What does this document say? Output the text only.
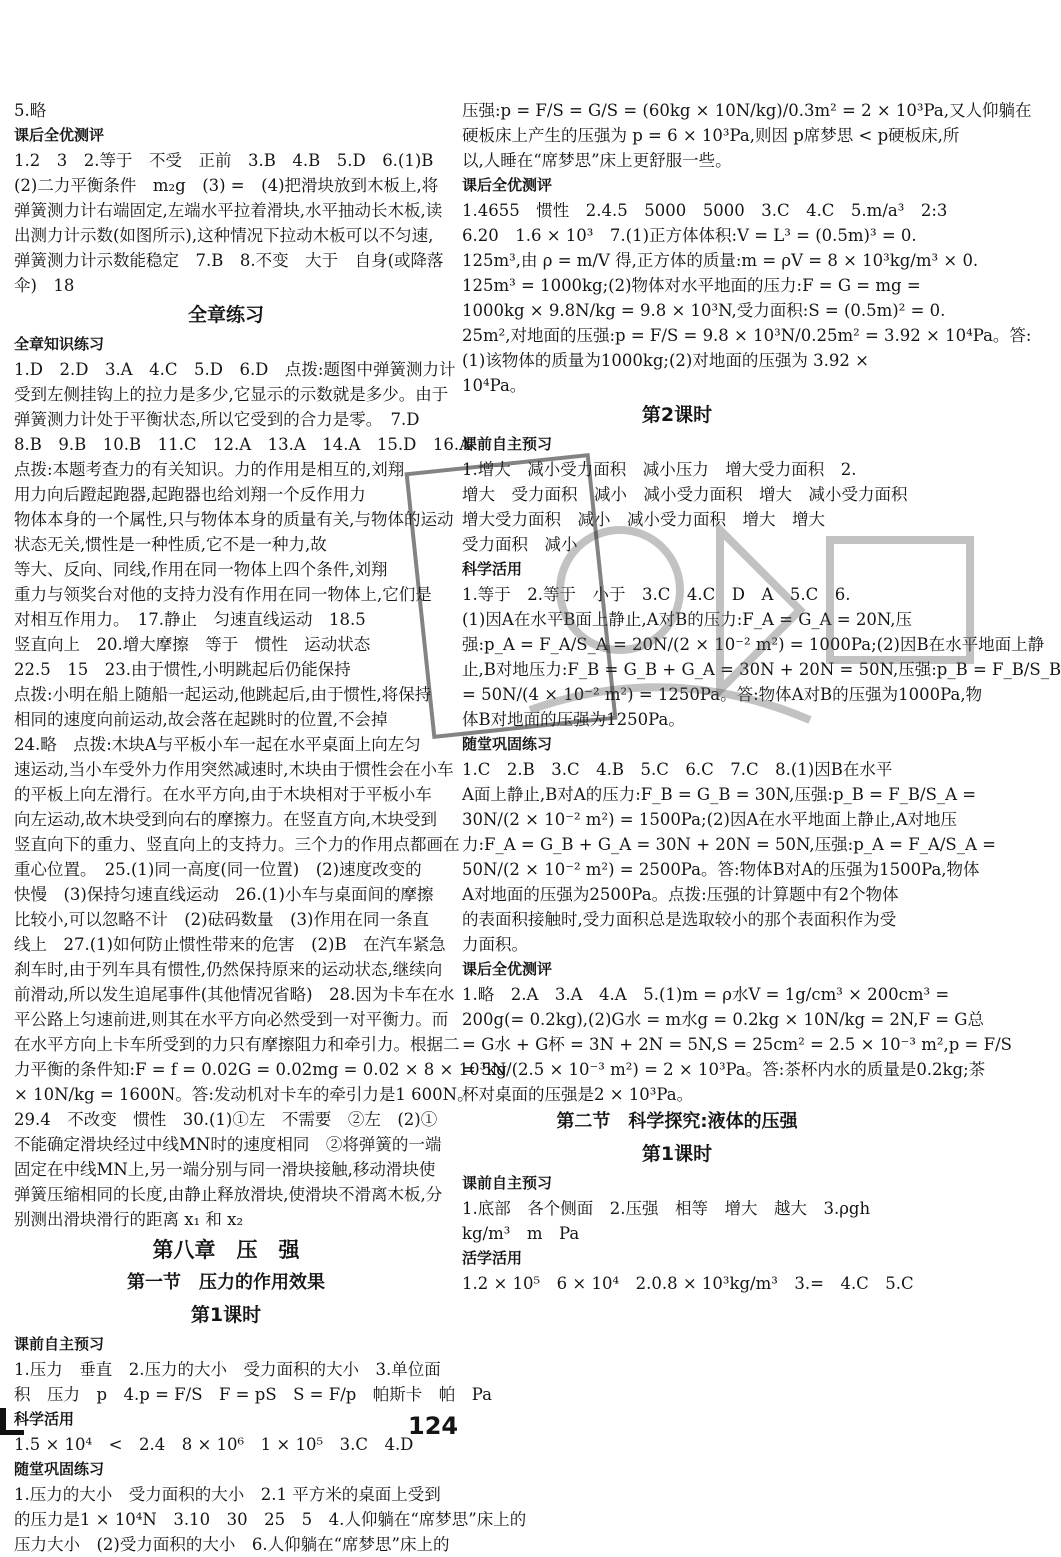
5.略
课后全优测评
1.2　3　2.等于　不受　正前　3.B　4.B　5.D　6.(1)B
(2)二力平衡条件　m₂g　(3) =　(4)把滑块放到木板上,将
弹簧测力计右端固定,左端水平拉着滑块,水平抽动长木板,读
出测力计示数(如图所示),这种情况下拉动木板可以不匀速,
弹簧测力计示数能稳定　7.B　8.不变　大于　自身(或降落
伞)　18
全章练习
全章知识练习
1.D　2.D　3.A　4.C　5.D　6.D　点拨:题图中弹簧测力计
受到左侧挂钩上的拉力是多少,它显示的示数就是多少。由于
弹簧测力计处于平衡状态,所以它受到的合力是零。　7.D
8.B　9.B　10.B　11.C　12.A　13.A　14.A　15.D　16.A
点拨:本题考查力的有关知识。力的作用是相互的,刘翔
用力向后蹬起跑器,起跑器也给刘翔一个反作用力
物体本身的一个属性,只与物体本身的质量有关,与物体的运动
状态无关,惯性是一种性质,它不是一种力,故
等大、反向、同线,作用在同一物体上四个条件,刘翔
重力与领奖台对他的支持力没有作用在同一物体上,它们是
对相互作用力。　17.静止　匀速直线运动　18.5
竖直向上　20.增大摩擦　等于　惯性　运动状态
22.5　15　23.由于惯性,小明跳起后仍能保持
点拨:小明在船上随船一起运动,他跳起后,由于惯性,将保持
相同的速度向前运动,故会落在起跳时的位置,不会掉
24.略　点拨:木块A与平板小车一起在水平桌面上向左匀
速运动,当小车受外力作用突然减速时,木块由于惯性会在小车
的平板上向左滑行。在水平方向,由于木块相对于平板小车
向左运动,故木块受到向右的摩擦力。在竖直方向,木块受到
竖直向下的重力、竖直向上的支持力。三个力的作用点都画在
重心位置。　25.(1)同一高度(同一位置)　(2)速度改变的
快慢　(3)保持匀速直线运动　26.(1)小车与桌面间的摩擦
比较小,可以忽略不计　(2)砝码数量　(3)作用在同一条直
线上　27.(1)如何防止惯性带来的危害　(2)B　在汽车紧急
刹车时,由于列车具有惯性,仍然保持原来的运动状态,继续向
前滑动,所以发生追尾事件(其他情况省略)　28.因为卡车在水
平公路上匀速前进,则其在水平方向必然受到一对平衡力。而
在水平方向上卡车所受到的力只有摩擦阻力和牵引力。根据二
力平衡的条件知:F = f = 0.02G = 0.02mg = 0.02 × 8 × 10³kg
× 10N/kg = 1600N。答:发动机对卡车的牵引力是1 600N。
29.4　不改变　惯性　30.(1)①左　不需要　②左　(2)①
不能确定滑块经过中线MN时的速度相同　②将弹簧的一端
固定在中线MN上,另一端分别与同一滑块接触,移动滑块使
弹簧压缩相同的长度,由静止释放滑块,使滑块不滑离木板,分
别测出滑块滑行的距离 x₁ 和 x₂
第八章　压　强
第一节　压力的作用效果
第1课时
课前自主预习
1.压力　垂直　2.压力的大小　受力面积的大小　3.单位面
积　压力　p　4.p = F/S　F = pS　S = F/p　帕斯卡　帕　Pa
科学活用
1.5 × 10⁴　<　2.4　8 × 10⁶　1 × 10⁵　3.C　4.D
随堂巩固练习
1.压力的大小　受力面积的大小　2.1 平方米的桌面上受到
的压力是1 × 10⁴N　3.10　30　25　5　4.人仰躺在“席梦思”床上的
压力大小　(2)受力面积的大小　6.人仰躺在“席梦思”床上的
压强:p = F/S = G/S = (60kg × 10N/kg)/0.3m² = 2 × 10³Pa,又人仰躺在
硬板床上产生的压强为 p = 6 × 10³Pa,则因 p席梦思 < p硬板床,所
以,人睡在“席梦思”床上更舒服一些。
课后全优测评
1.4655　惯性　2.4.5　5000　5000　3.C　4.C　5.m/a³　2:3
6.20　1.6 × 10³　7.(1)正方体体积:V = L³ = (0.5m)³ = 0.
125m³,由 ρ = m/V 得,正方体的质量:m = ρV = 8 × 10³kg/m³ × 0.
125m³ = 1000kg;(2)物体对水平地面的压力:F = G = mg =
1000kg × 9.8N/kg = 9.8 × 10³N,受力面积:S = (0.5m)² = 0.
25m²,对地面的压强:p = F/S = 9.8 × 10³N/0.25m² = 3.92 × 10⁴Pa。答:
(1)该物体的质量为1000kg;(2)对地面的压强为 3.92 ×
10⁴Pa。
第2课时
课前自主预习
1.增大　减小受力面积　减小压力　增大受力面积　2.
增大　受力面积　减小　减小受力面积　增大　减小受力面积
增大受力面积　减小　减小受力面积　增大　增大
受力面积　减小
科学活用
1.等于　2.等于　小于　3.C　4.C　D　A　5.C　6.
(1)因A在水平B面上静止,A对B的压力:F_A = G_A = 20N,压
强:p_A = F_A/S_A = 20N/(2 × 10⁻² m²) = 1000Pa;(2)因B在水平地面上静
止,B对地压力:F_B = G_B + G_A = 30N + 20N = 50N,压强:p_B = F_B/S_B
= 50N/(4 × 10⁻² m²) = 1250Pa。答:物体A对B的压强为1000Pa,物
体B对地面的压强为1250Pa。
随堂巩固练习
1.C　2.B　3.C　4.B　5.C　6.C　7.C　8.(1)因B在水平
A面上静止,B对A的压力:F_B = G_B = 30N,压强:p_B = F_B/S_A =
30N/(2 × 10⁻² m²) = 1500Pa;(2)因A在水平地面上静止,A对地压
力:F_A = G_B + G_A = 30N + 20N = 50N,压强:p_A = F_A/S_A =
50N/(2 × 10⁻² m²) = 2500Pa。答:物体B对A的压强为1500Pa,物体
A对地面的压强为2500Pa。点拨:压强的计算题中有2个物体
的表面积接触时,受力面积总是选取较小的那个表面积作为受
力面积。
课后全优测评
1.略　2.A　3.A　4.A　5.(1)m = ρ水V = 1g/cm³ × 200cm³ =
200g(= 0.2kg),(2)G水 = m水g = 0.2kg × 10N/kg = 2N,F = G总
= G水 + G杯 = 3N + 2N = 5N,S = 25cm² = 2.5 × 10⁻³ m²,p = F/S
= 5N/(2.5 × 10⁻³ m²) = 2 × 10³Pa。答:茶杯内水的质量是0.2kg;茶
杯对桌面的压强是2 × 10³Pa。
第二节　科学探究:液体的压强
第1课时
课前自主预习
1.底部　各个侧面　2.压强　相等　增大　越大　3.ρgh
kg/m³　m　Pa
活学活用
1.2 × 10⁵　6 × 10⁴　2.0.8 × 10³kg/m³　3.=　4.C　5.C
124
